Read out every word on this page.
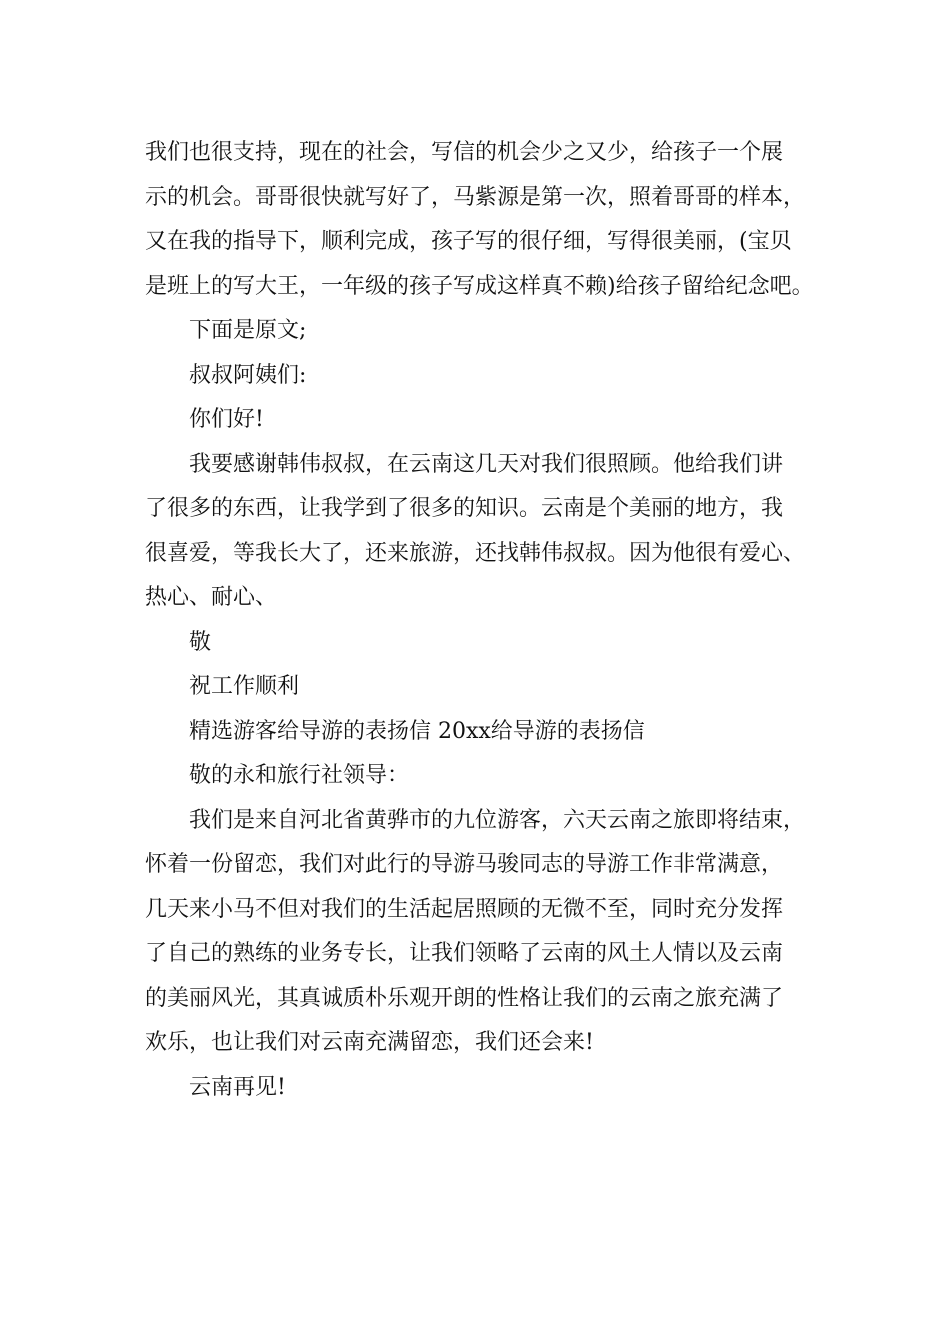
我们也很支持，现在的社会，写信的机会少之又少，给孩子一个展

示的机会。哥哥很快就写好了，马紫源是第一次，照着哥哥的样本，

又在我的指导下，顺利完成，孩子写的很仔细，写得很美丽，(宝贝

是班上的写大王，一年级的孩子写成这样真不赖)给孩子留给纪念吧。

下面是原文;

叔叔阿姨们:

你们好!

我要感谢韩伟叔叔，在云南这几天对我们很照顾。他给我们讲

了很多的东西，让我学到了很多的知识。云南是个美丽的地方，我

很喜爱，等我长大了，还来旅游，还找韩伟叔叔。因为他很有爱心、

热心、耐心、

敬

祝工作顺利

精选游客给导游的表扬信 20xx给导游的表扬信

敬的永和旅行社领导：

我们是来自河北省黄骅市的九位游客，六天云南之旅即将结束，

怀着一份留恋，我们对此行的导游马骏同志的导游工作非常满意，

几天来小马不但对我们的生活起居照顾的无微不至，同时充分发挥

了自己的熟练的业务专长，让我们领略了云南的风土人情以及云南

的美丽风光，其真诚质朴乐观开朗的性格让我们的云南之旅充满了

欢乐，也让我们对云南充满留恋，我们还会来!

云南再见!
